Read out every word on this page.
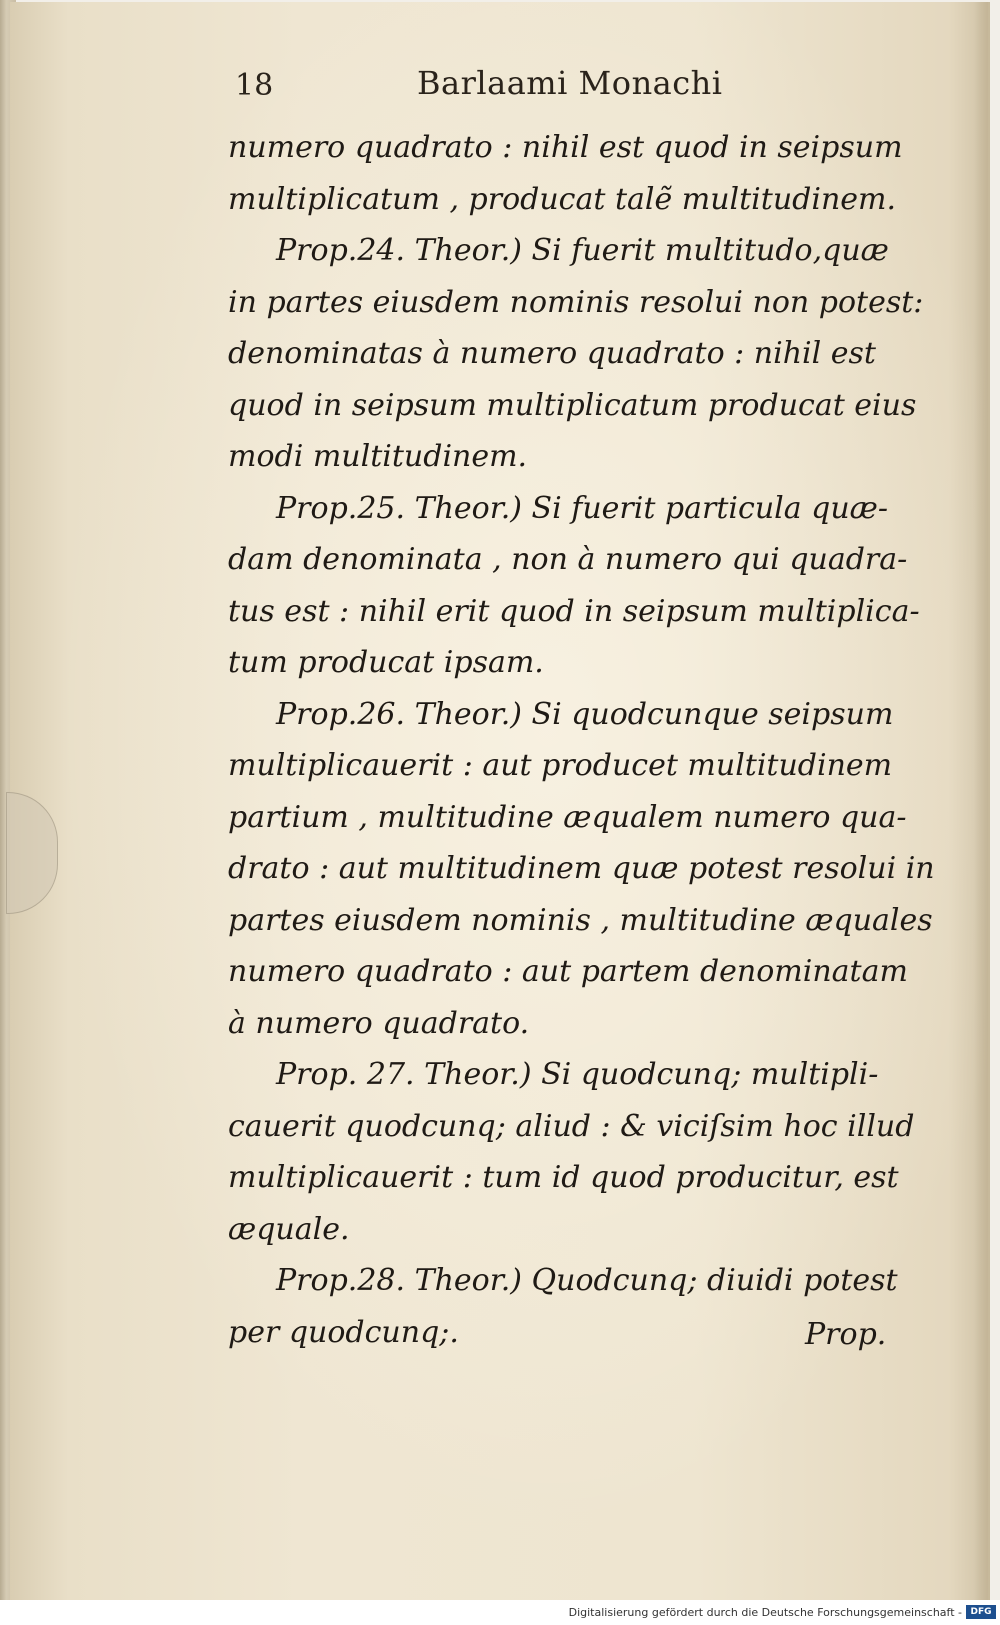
18	Barlaami Monachi
numero quadrato : nihil est quod in seipsum
multiplicatum , producat talẽ multitudinem.
Prop.24. Theor.) Si fuerit multitudo,quæ
in partes eiusdem nominis resolui non potest:
denominatas à numero quadrato : nihil est
quod in seipsum multiplicatum producat eius
modi multitudinem.
Prop.25. Theor.) Si fuerit particula quæ-
dam denominata , non à numero qui quadra-
tus est : nihil erit quod in seipsum multiplica-
tum producat ipsam.
Prop.26. Theor.) Si quodcunque seipsum
multiplicauerit : aut producet multitudinem
partium , multitudine æqualem numero qua-
drato : aut multitudinem quæ potest resolui in
partes eiusdem nominis , multitudine æquales
numero quadrato : aut partem denominatam
à numero quadrato.
Prop. 27. Theor.) Si quodcunq; multipli-
cauerit quodcunq; aliud : & viciſsim hoc illud
multiplicauerit : tum id quod producitur, est
æquale.
Prop.28. Theor.) Quodcunq; diuidi potest
per quodcunq;.	Prop.
Digitalisierung gefördert durch die Deutsche Forschungsgemeinschaft - DFG
